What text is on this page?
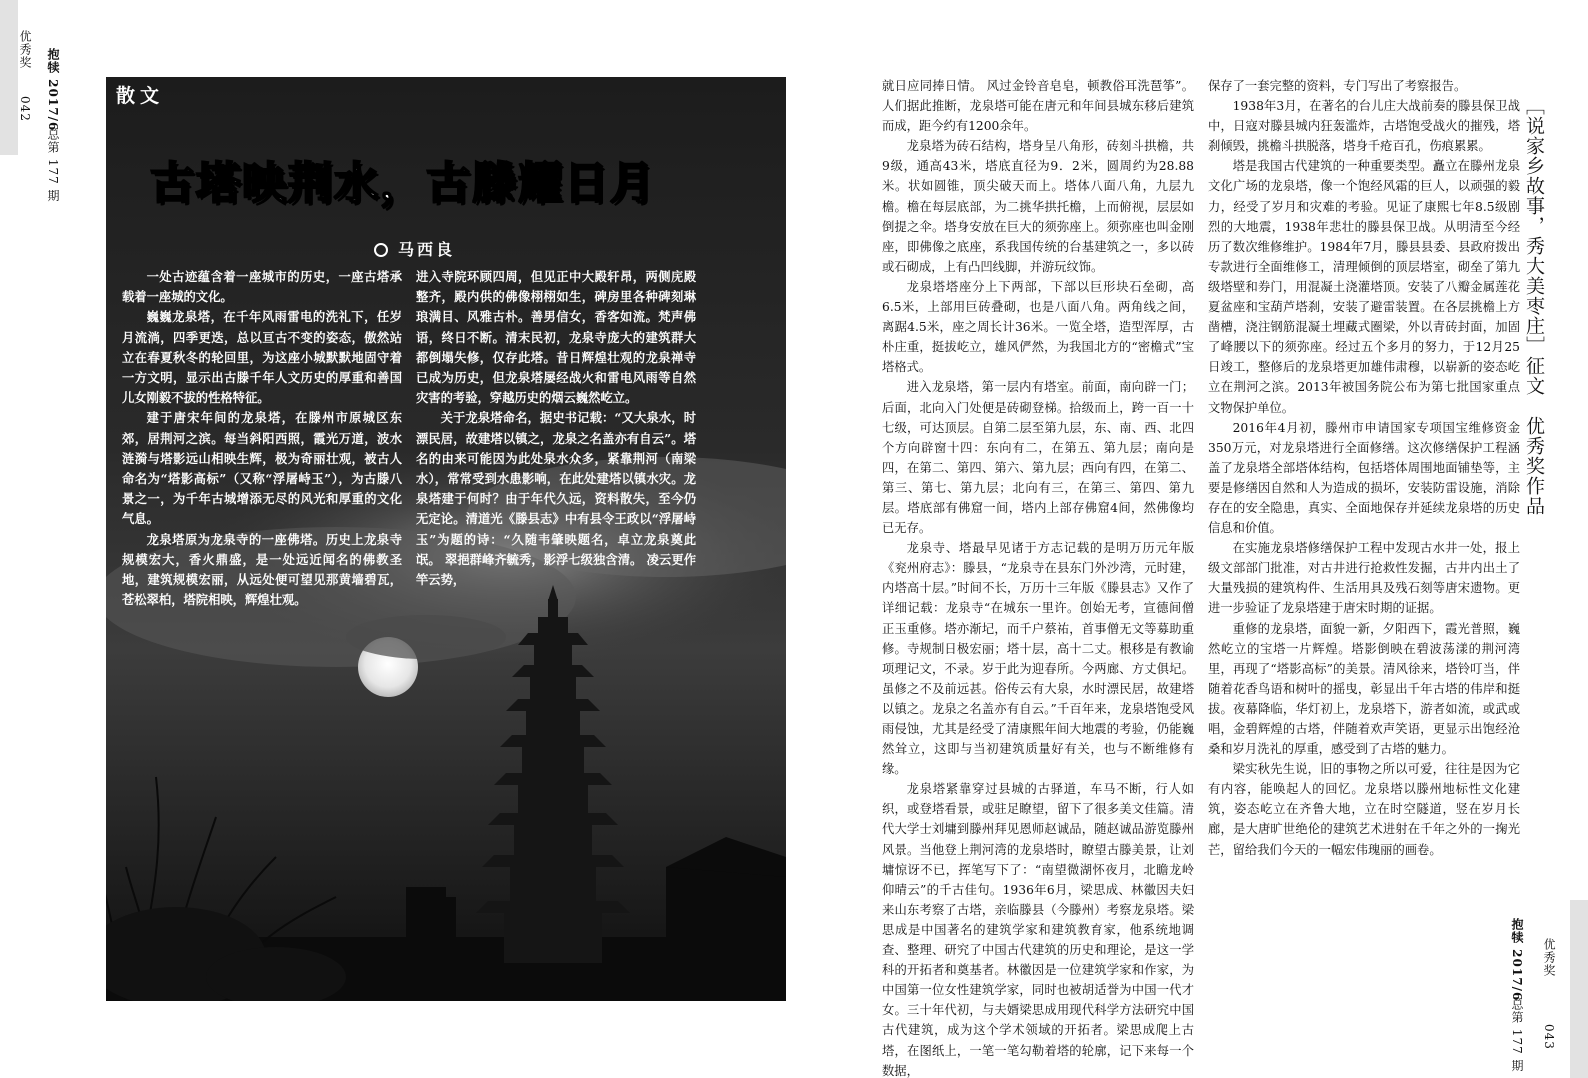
优秀奖
042 抱犊 2017/6
总第 177 期
散文
古塔映荆水，古滕耀日月
马西良

一处古迹蕴含着一座城市的历史，一座古塔承载着一座城的文化。

巍巍龙泉塔，在千年风雨雷电的洗礼下，任岁月流淌，四季更迭，总以亘古不变的姿态，傲然站立在春夏秋冬的轮回里，为这座小城默默地固守着一方文明，显示出古滕千年人文历史的厚重和善国儿女刚毅不拔的性格特征。

建于唐宋年间的龙泉塔，在滕州市原城区东郊，居荆河之滨。每当斜阳西照，霞光万道，波水涟漪与塔影远山相映生辉，极为奇丽壮观，被古人命名为“塔影高标”（又称“浮屠峙玉”），为古滕八景之一，为千年古城增添无尽的风光和厚重的文化气息。

龙泉塔原为龙泉寺的一座佛塔。历史上龙泉寺规模宏大，香火鼎盛，是一处远近闻名的佛教圣地，建筑规模宏丽，从远处便可望见那黄墙碧瓦，苍松翠柏，塔院相映，辉煌壮观。

进入寺院环顾四周，但见正中大殿轩昂，两侧庑殿整齐，殿内供的佛像栩栩如生，碑房里各种碑刻琳琅满目、风雅古朴。善男信女，香客如流。梵声佛语，终日不断。清末民初，龙泉寺庞大的建筑群大都倒塌失修，仅存此塔。昔日辉煌壮观的龙泉禅寺已成为历史，但龙泉塔屡经战火和雷电风雨等自然灾害的考验，穿越历史的烟云巍然屹立。

关于龙泉塔命名，据史书记载：“又大泉水，时漂民居，故建塔以镇之，龙泉之名盖亦有自云”。塔名的由来可能因为此处泉水众多，紧靠荆河（南梁水），常常受到水患影响，在此处建塔以镇水灾。龙泉塔建于何时？由于年代久远，资料散失，至今仍无定论。清道光《滕县志》中有县令王政以“浮屠峙玉”为题的诗：“久随韦肇映题名，卓立龙泉奠此氓。 翠挹群峰齐毓秀，影浮七级独含清。 凌云更作竿云势，

就日应同捧日情。 风过金铃音皂皂，顿教俗耳洗琶筝”。人们据此推断，龙泉塔可能在唐元和年间县城东移后建筑而成，距今约有1200余年。

龙泉塔为砖石结构，塔身呈八角形，砖刻斗拱檐，共9级，通高43米，塔底直径为9．2米，圆周约为28.88米。状如圆锥，顶尖破天而上。塔体八面八角，九层九檐。檐在每层底部，为二挑华拱托檐，上而俯视，层层如倒提之伞。塔身安放在巨大的须弥座上。须弥座也叫金刚座，即佛像之底座，系我国传统的台基建筑之一，多以砖或石砌成，上有凸凹线脚，并游玩纹饰。

龙泉塔塔座分上下两部，下部以巨形块石垒砌，高6.5米，上部用巨砖叠砌，也是八面八角。两角线之间，离踞4.5米，座之周长计36米。一览全塔，造型浑厚，古朴庄重，挺拔屹立，雄风俨然，为我国北方的“密檐式”宝塔格式。

进入龙泉塔，第一层内有塔室。前面，南向辟一门；后面，北向入门处便是砖砌登梯。拾级而上，跨一百一十七级，可达顶层。自第二层至第九层，东、南、西、北四个方向辟窗十四：东向有二，在第五、第九层；南向是四，在第二、第四、第六、第九层；西向有四，在第二、第三、第七、第九层；北向有三，在第三、第四、第九层。塔底部有佛窟一间，塔内上部存佛窟4间，然佛像均已无存。

龙泉寺、塔最早见诸于方志记载的是明万历元年版《兖州府志》：滕县，“龙泉寺在县东门外沙湾，元时建，内塔高十层。”时间不长，万历十三年版《滕县志》又作了详细记载：龙泉寺“在城东一里许。创始无考，宣德间僧正玉重修。塔亦渐圮，而千户蔡祐，首事僧无文等募助重修。寺规制日极宏丽；塔十层，高十二丈。根移是有教谕项理记文，不录。岁于此为迎春所。今两廊、方丈俱圮。虽修之不及前远甚。俗传云有大泉，水时漂民居，故建塔以镇之。龙泉之名盖亦有自云。”千百年来，龙泉塔饱受风雨侵蚀，尤其是经受了清康熙年间大地震的考验，仍能巍然耸立，这即与当初建筑质量好有关，也与不断维修有缘。

龙泉塔紧靠穿过县城的古驿道，车马不断，行人如织，或登塔看景，或驻足瞭望，留下了很多美文佳篇。清代大学士刘墉到滕州拜见恩师赵诚品，随赵诚品游览滕州风景。当他登上荆河湾的龙泉塔时，瞭望古滕美景，让刘墉惊讶不已，挥笔写下了：“南望微湖怀夜月，北瞻龙岭仰晴云”的千古佳句。1936年6月，梁思成、林徽因夫妇来山东考察了古塔，亲临滕县（今滕州）考察龙泉塔。梁思成是中国著名的建筑学家和建筑教育家，他系统地调查、整理、研究了中国古代建筑的历史和理论，是这一学科的开拓者和奠基者。林徽因是一位建筑学家和作家，为中国第一位女性建筑学家，同时也被胡适誉为中国一代才女。三十年代初，与夫婿梁思成用现代科学方法研究中国古代建筑，成为这个学术领域的开拓者。梁思成爬上古塔，在图纸上，一笔一笔勾勒着塔的轮廓，记下来每一个数据，

保存了一套完整的资料，专门写出了考察报告。

1938年3月，在著名的台儿庄大战前奏的滕县保卫战中，日寇对滕县城内狂轰滥炸，古塔饱受战火的摧残，塔刹倾毁，挑檐斗拱脱落，塔身千疮百孔，伤痕累累。

塔是我国古代建筑的一种重要类型。矗立在滕州龙泉文化广场的龙泉塔，像一个饱经风霜的巨人，以顽强的毅力，经受了岁月和灾难的考验。见证了康熙七年8.5级剧烈的大地震，1938年悲壮的滕县保卫战。从明清至今经历了数次维修维护。1984年7月，滕县县委、县政府拨出专款进行全面维修工，清理倾倒的顶层塔室，砌垒了第九级塔壁和券门，用混凝土浇灌塔顶。安装了八瓣金属莲花夏盆座和宝葫芦塔刹，安装了避雷装置。在各层挑檐上方凿槽，浇注钢筋混凝土埋藏式圈梁，外以青砖封面，加固了峰腰以下的须弥座。经过五个多月的努力，于12月25日竣工，整修后的龙泉塔更加雄伟肃穆，以崭新的姿态屹立在荆河之滨。2013年被国务院公布为第七批国家重点文物保护单位。

2016年4月初，滕州市申请国家专项国宝维修资金350万元，对龙泉塔进行全面修缮。这次修缮保护工程涵盖了龙泉塔全部塔体结构，包括塔体周围地面铺垫等，主要是修缮因自然和人为造成的损坏，安装防雷设施，消除存在的安全隐患，真实、全面地保存并延续龙泉塔的历史信息和价值。

在实施龙泉塔修缮保护工程中发现古水井一处，报上级文部部门批准，对古井进行抢救性发掘，古井内出土了大量残损的建筑构件、生活用具及残石刻等唐宋遗物。更进一步验证了龙泉塔建于唐宋时期的证据。

重修的龙泉塔，面貌一新，夕阳西下，霞光普照，巍然屹立的宝塔一片辉煌。塔影倒映在碧波荡漾的荆河湾里，再现了“塔影高标”的美景。清风徐来，塔铃叮当，伴随着花香鸟语和树叶的摇曳，彰显出千年古塔的伟岸和挺拔。夜幕降临，华灯初上，龙泉塔下，游者如流，或武或唱，金碧辉煌的古塔，伴随着欢声笑语，更显示出饱经沧桑和岁月洗礼的厚重，感受到了古塔的魅力。

梁实秋先生说，旧的事物之所以可爱，往往是因为它有内容，能唤起人的回忆。龙泉塔以滕州地标性文化建筑，姿态屹立在齐鲁大地，立在时空隧道，竖在岁月长廊，是大唐旷世绝伦的建筑艺术进射在千年之外的一掬光芒，留给我们今天的一幅宏伟瑰丽的画卷。

［说家乡故事，秀大美枣庄］征文　优秀奖作品
抱犊 2017/6
总第 177 期
优秀奖
043
